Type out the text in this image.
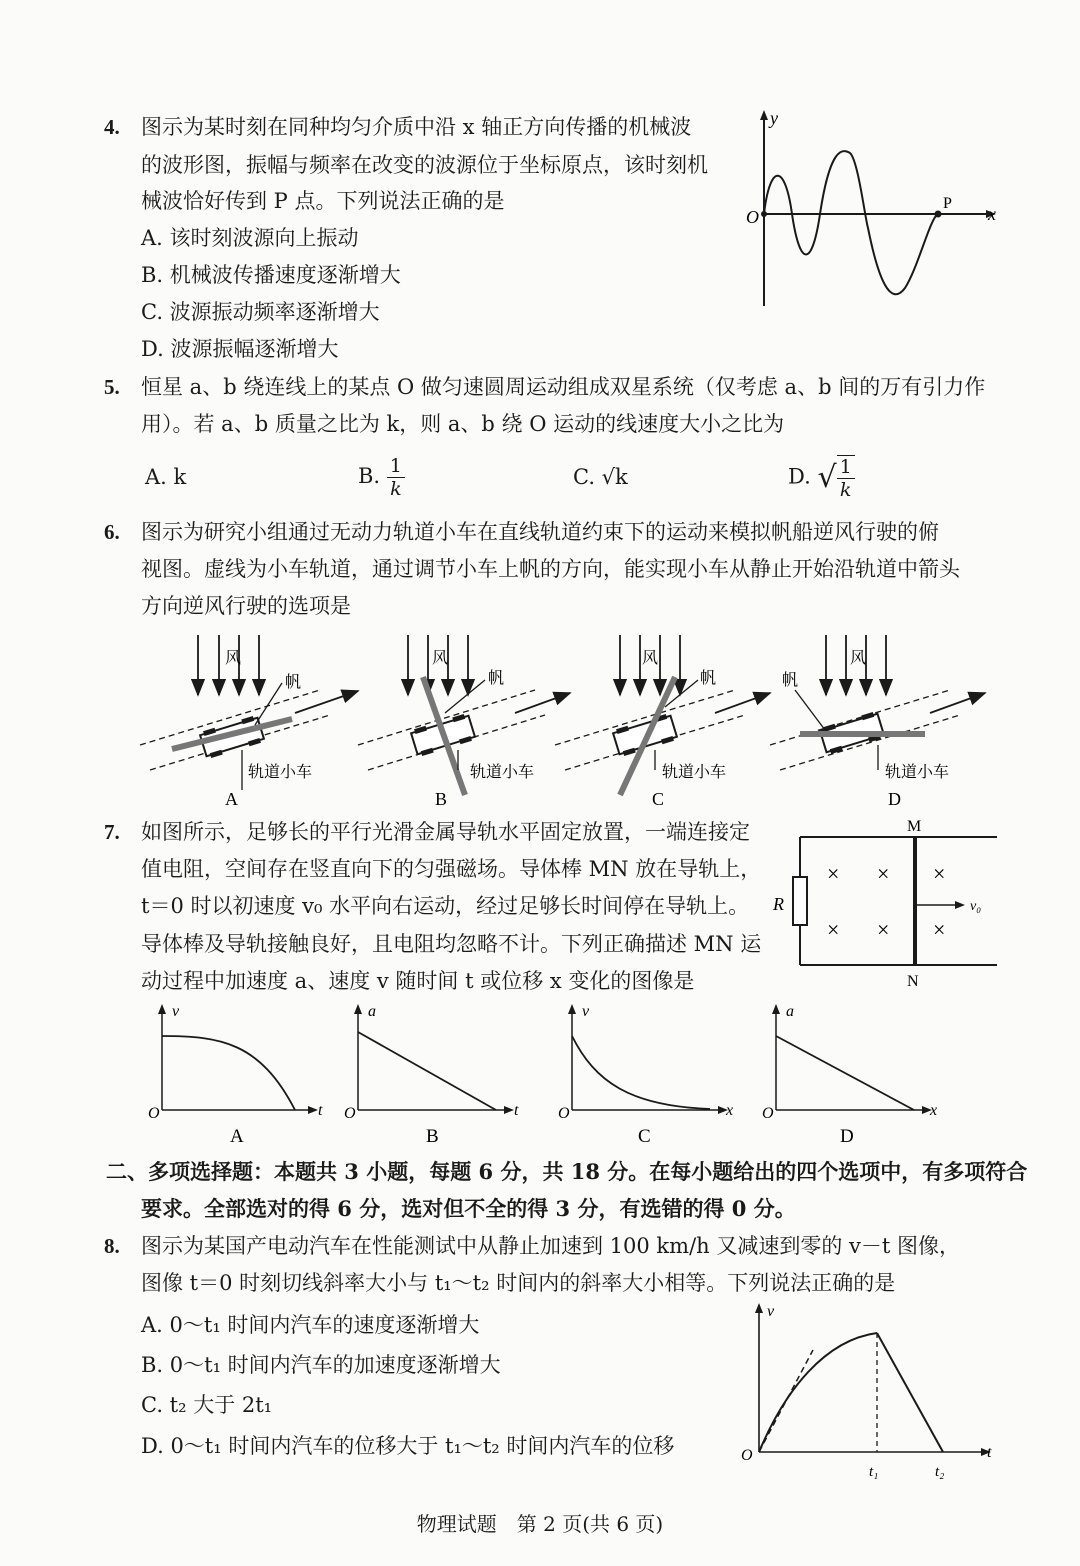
4. 图示为某时刻在同种均匀介质中沿 x 轴正方向传播的机械波
的波形图，振幅与频率在改变的波源位于坐标原点，该时刻机
械波恰好传到 P 点。下列说法正确的是
A. 该时刻波源向上振动
B. 机械波传播速度逐渐增大
C. 波源振动频率逐渐增大
D. 波源振幅逐渐增大
y
O
P
x
5. 恒星 a、b 绕连线上的某点 O 做匀速圆周运动组成双星系统（仅考虑 a、b 间的万有引力作
用）。若 a、b 质量之比为 k，则 a、b 绕 O 运动的线速度大小之比为
A. k	B. $\frac{1}{k}$	C. √k	D. √ $\frac{1}{k}$
6. 图示为研究小组通过无动力轨道小车在直线轨道约束下的运动来模拟帆船逆风行驶的俯
视图。虚线为小车轨道，通过调节小车上帆的方向，能实现小车从静止开始沿轨道中箭头
方向逆风行驶的选项是
风
帆
轨道小车
A
风
帆
轨道小车
B
风
帆
轨道小车
C
风
帆
轨道小车
D
7. 如图所示，足够长的平行光滑金属导轨水平固定放置，一端连接定
值电阻，空间存在竖直向下的匀强磁场。导体棒 MN 放在导轨上，
t＝0 时以初速度 v₀ 水平向右运动，经过足够长时间停在导轨上。
导体棒及导轨接触良好，且电阻均忽略不计。下列正确描述 MN 运
动过程中加速度 a、速度 v 随时间 t 或位移 x 变化的图像是
× × ×
× × ×
M
N
R	v₀
v
O	t
A
a
O	t
B
v
O	x
C
a
O	x
D
二、多项选择题：本题共 3 小题，每题 6 分，共 18 分。在每小题给出的四个选项中，有多项符合
要求。全部选对的得 6 分，选对但不全的得 3 分，有选错的得 0 分。
8. 图示为某国产电动汽车在性能测试中从静止加速到 100 km/h 又减速到零的 v－t 图像，
图像 t＝0 时刻切线斜率大小与 t₁～t₂ 时间内的斜率大小相等。下列说法正确的是
A. 0～t₁ 时间内汽车的速度逐渐增大
B. 0～t₁ 时间内汽车的加速度逐渐增大
C. t₂ 大于 2t₁
D. 0～t₁ 时间内汽车的位移大于 t₁～t₂ 时间内汽车的位移
v
O	t
t₁	t₂
物理试题　第 2 页(共 6 页)
